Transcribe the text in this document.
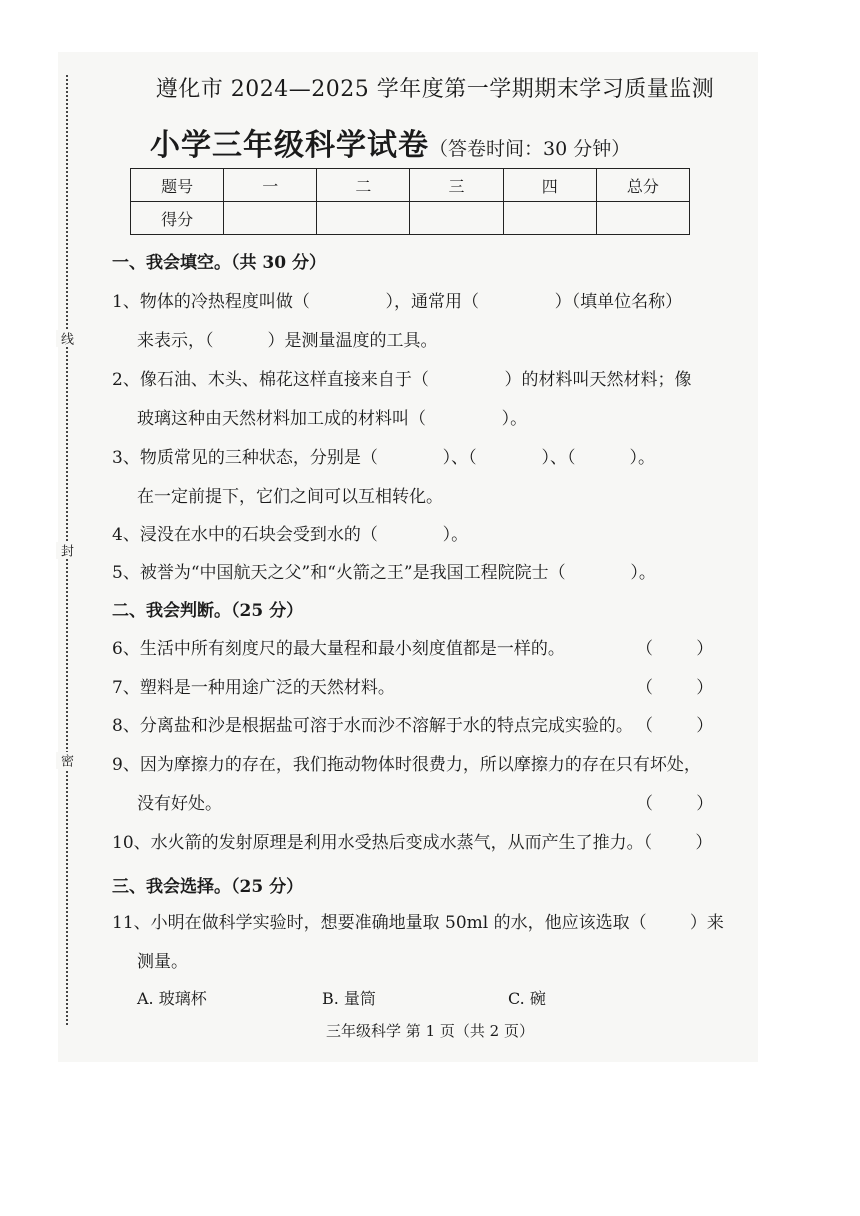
线
封
密
遵化市 2024—2025 学年度第一学期期末学习质量监测
小学三年级科学试卷（答卷时间：30 分钟）
题号	一	二	三	四	总分
得分					
一、我会填空。（共 30 分）
1、物体的冷热程度叫做（              ），通常用（              ）（填单位名称）
来表示，（          ）是测量温度的工具。
2、像石油、木头、棉花这样直接来自于（              ）的材料叫天然材料；像
玻璃这种由天然材料加工成的材料叫（              ）。
3、物质常见的三种状态，分别是（            ）、（            ）、（          ）。
在一定前提下，它们之间可以互相转化。
4、浸没在水中的石块会受到水的（            ）。
5、被誉为“中国航天之父”和“火箭之王”是我国工程院院士（            ）。
二、我会判断。（25 分）
6、生活中所有刻度尺的最大量程和最小刻度值都是一样的。	（        ）
7、塑料是一种用途广泛的天然材料。	（        ）
8、分离盐和沙是根据盐可溶于水而沙不溶解于水的特点完成实验的。 （        ）
9、因为摩擦力的存在，我们拖动物体时很费力，所以摩擦力的存在只有坏处，
没有好处。	（        ）
10、水火箭的发射原理是利用水受热后变成水蒸气，从而产生了推力。（        ）
三、我会选择。（25 分）
11、小明在做科学实验时，想要准确地量取 50ml 的水，他应该选取（        ）来
测量。
A. 玻璃杯	B. 量筒	C. 碗
三年级科学 第 1 页（共 2 页）
